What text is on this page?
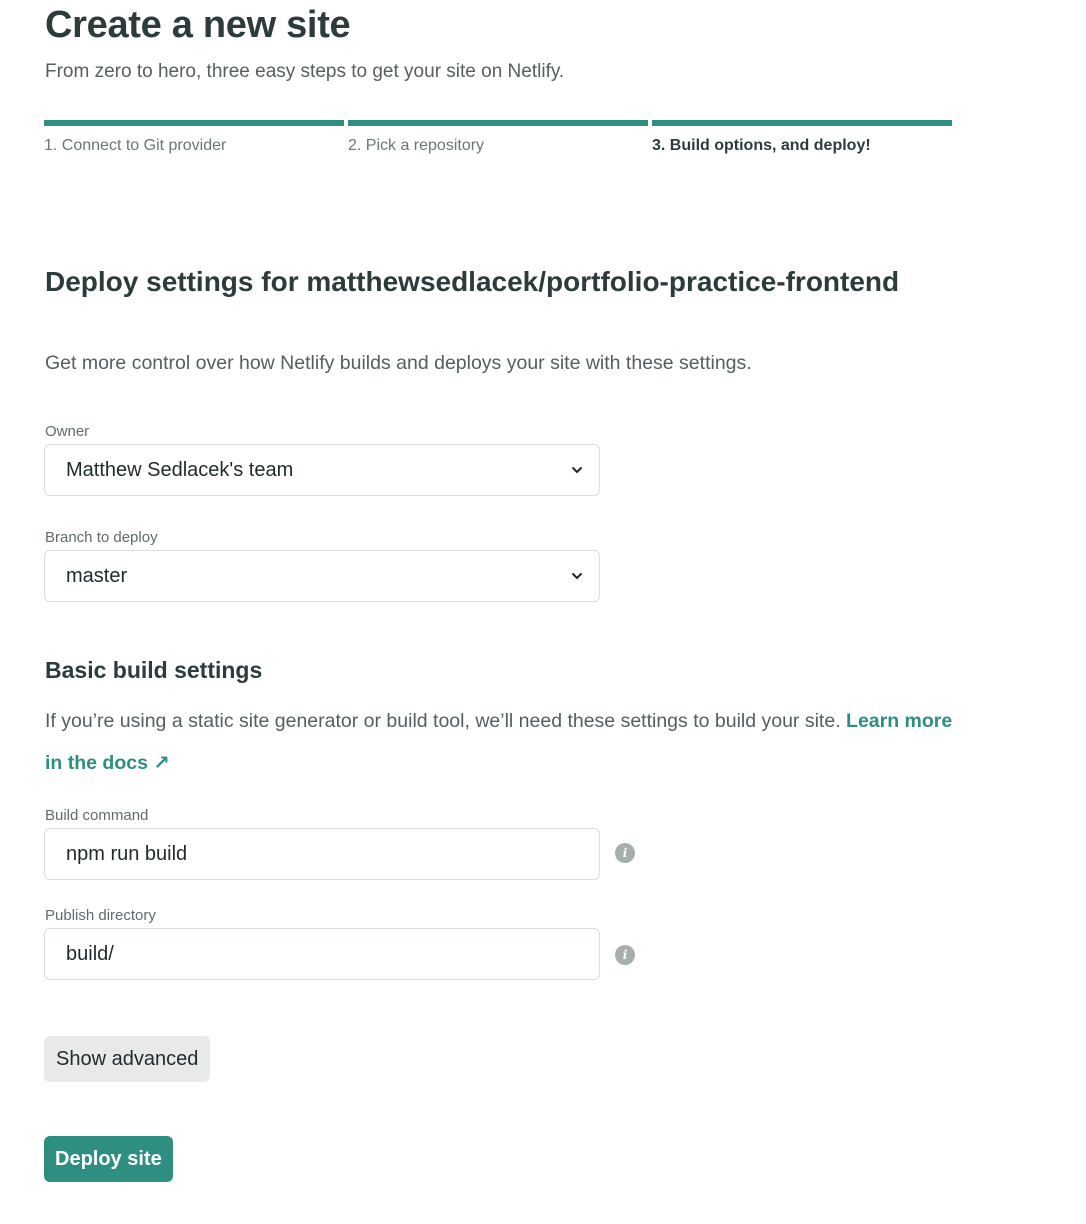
Create a new site

From zero to hero, three easy steps to get your site on Netlify.

1. Connect to Git provider	2. Pick a repository	3. Build options, and deploy!
Deploy settings for matthewsedlacek/portfolio-practice-frontend

Get more control over how Netlify builds and deploys your site with these settings.

Owner
Matthew Sedlacek's team
Branch to deploy
master
Basic build settings

If you’re using a static site generator or build tool, we’ll need these settings to build your site. Learn more in the docs ↗

Build command
npm run build	i
Publish directory
build/	i
Show advanced
Deploy site
